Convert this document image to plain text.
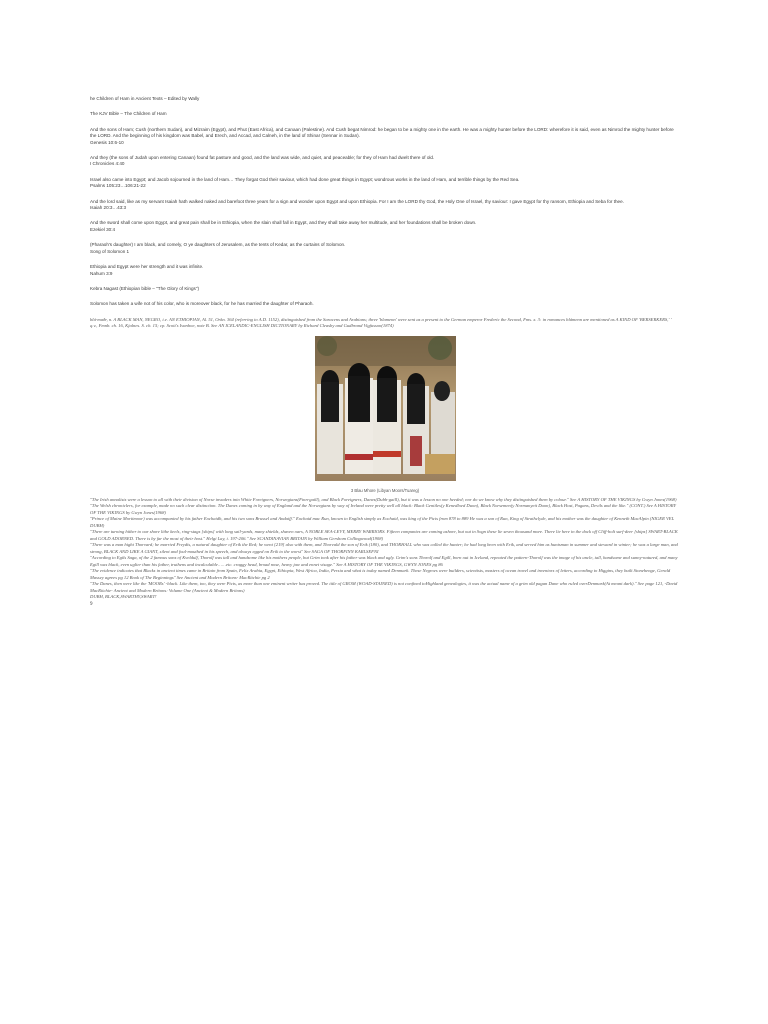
he Children of Ham in Ancient Texts – Edited by Wally

The KJV Bible – The Children of Ham

And the sons of Ham; Cush (northern Sudan), and Mizraim (Egypt), and Phut (East Africa), and Canaan (Palestine). And Cush begat Nimrod: he began to be a mighty one in the earth. He was a mighty hunter before the LORD: wherefore it is said, even as Nimrod the mighty hunter before the LORD. And the beginning of his kingdom was Babel, and Erech, and Accad, and Calneh, in the land of Shinar (Sennar in Sudan).

Genesis 10:6-10

And they (the sons of Judah upon entering Canaan) found fat pasture and good, and the land was wide, and quiet, and peaceable; for they of Ham had dwelt there of old.

I Chronicles 4:40

Israel also came into Egypt; and Jacob sojourned in the land of Ham… They forgat God their saviour, which had done great things in Egypt; wondrous works in the land of Ham, and terrible things by the Red Sea.

Psalms 105:23…106:21-22

And the lord said, like as my servant Isaiah hath walked naked and barefoot three years for a sign and wonder upon Egypt and upon Ethiopia. For I am the LORD thy God, the Holy One of Israel, thy saviour: I gave Egypt for thy ransom, Ethiopia and Seba for thee.

Isaiah 20:3…43:3

And the sword shall come upon Egypt, and great pain shall be in Ethiopia, when the slain shall fall in Egypt, and they shall take away her multitude, and her foundations shall be broken down.

Ezekiel 30:4

(Pharaoh's daughter) I am black, and comely, O ye daughters of Jerusalem, as the tents of Kedar, as the curtains of Solomon.

Song of Solomon 1

Ethiopia and Egypt were her strength and it was infinite.

Nahum 3:9

Kebra Nagast (Ethiopian bible – "The Glory of Kings")

Solomon has taken a wife not of his color, who is moreover black, for he has married the daughter of Pharaoh.

blá-maðr, n. A BLACK MAN, NEGRO, i.e. AN ETHIOPIAN, Al. 51, Orkn. 364 (referring to A.D. 1152), distinguished from the Saracens and Arabians; three 'blamenn' were sent as a present to the German emperor Frederic the Second, Fms. x. 3: in romances blámenn are mentioned as A KIND OF 'BERSERKERS,' ' q.v., Fmnb. ch. 16, Kjalnes. S. ch. 15; cp. Scott's Ivanhoe, note B. See AN ICELANDIC-ENGLISH DICTIONARY by Richard Cleasby and Gudbrand Vigfusson(1874)

3 Blau Mhore (Libyan Moors/Tuareg)

"The Irish annalists were a lesson to all with their division of Norse invaders into White Foreigners, Norwegians(Finn-gaill), and Black Foreigners, Danes(Dubh-gaill), but it was a lesson no one heeded; nor do we know why they distinguished them by colour." See A HISTORY OF THE VIKINGS by Gwyn Jones(1968)

"The Welsh chroniclers, for example, made no such clear distinction. The Danes coming in by way of England and the Norwegians by way of Ireland were pretty well all black: Black Gentiles(y Kenedloed Duon), Black Norsemen(y Normanyeit Duon), Black Host, Pagans, Devils and the like." (CONT.) See A HISTORY OF THE VIKINGS by Gwyn Jones(1968)

"Prince of Maine Mortimoor) was accompanied by his father Eochaidh, and his two sons Brussel and Andaiff." Eochaid mac Run, known to English simply as Eochaid, was king of the Picts from 878 to 889 He was a son of Run, King of Strathclyde, and his mother was the daughter of Kenneth MacAlpin (NIGER VEL DUBH)

"There are turning hither to our shore lithe keels, ring-stags [ships] with long sail-yards, many shields, shaven oars, A NOBLE SEA-LEVY, MERRY WARRIORS. Fifteen companies are coming ashore, but out in Sogn these lie seven thousand more. There lie here in the dock off Cliff-holt surf-deer [ships] SWART-BLACK and GOLD ADORNED. There is by far the most of their host." Helgi Lay, i. 197-206." See SCANDINAVIAN BRITAIN by William Gershom Collingwood(1908)

"There was a man hight Thorvard; he married Freydis, a natural daughter of Erik the Red; he went [219] also with them, and Thorvald the son of Erik (180), and THORHALL who was called the hunter; he had long been with Erik, and served him as huntsman in summer and steward in winter; he was a large man, and strong, BLACK AND LIKE A GIANT, silent and foul-mouthed in his speech, and always egged on Erik to the worst" See SAGA OF THORFINN KARLSEFNI

"According to Egils Saga, of the 2 famous sons of Kveldulf, Thorolf was tall and handsome like his mothers people, but Grim took after his father was black and ugly. Grim's sons Thorolf and Egill, born out in Iceland, repeated the pattern-Thorolf was the image of his uncle, tall, handsome and sunny-natured, and many Egill was black, even uglier than his father, truthens and incalculable……etc. craggy head, broad nose, heavy jaw and ennet visage." See A HISTORY OF THE VIKINGS, GWYN JONES pg 86

"The evidence indicates that Blacks in ancient times came in Britain from Spain, Felix Arabia, Egypt, Ethiopia, West Africa, India, Persia and what is today named Denmark. These Negroes were builders, scientists, masters of ocean travel and inventors of letters, according to Higgins, they built Stonehenge, Gerald Massey agrees pg 12 Book of The Beginnings" See Ancient and Modern Britons- MacRitchie pg 2

"The Danes, then were like the 'MOORs' -black. Like them, too, they were Picts, as more than one eminent writer has proved. The title of GROM (WOAD-STAINED) is not confined toHighland genealogies, it was the actual name of a grim old pagan Dane who ruled overDenmark(At meant dark)." See page 121, -David MacRitchie- Ancient and Modern Britons: Volume One (Ancient & Modern Britons)

DUBH, BLACK,SWARTHY,SWART!

9
